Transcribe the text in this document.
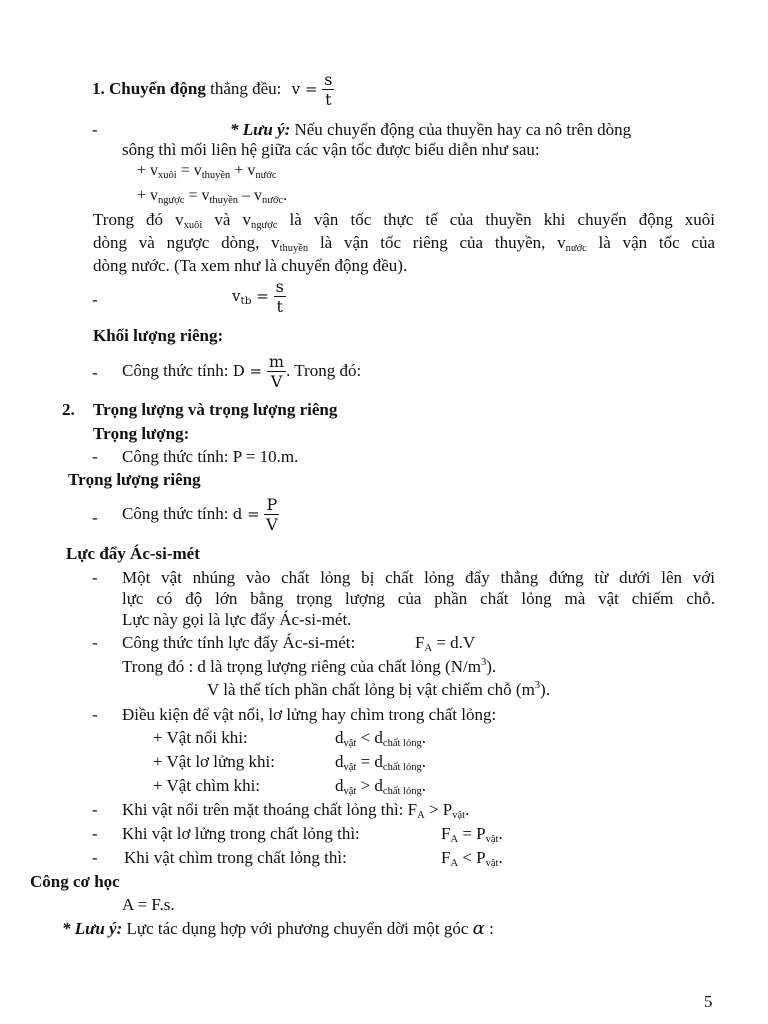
1. Chuyển động thẳng đều: $v = \frac{s}{t}$
-	* Lưu ý: Nếu chuyển động của thuyền hay ca nô trên dòng
sông thì mối liên hệ giữa các vận tốc được biểu diễn như sau:
+ $v_{xuôi} = v_{thuyền} + v_{nước}$
+ $v_{ngược} = v_{thuyền} - v_{nước}$.
Trong đó $v_{xuôi}$ và $v_{ngược}$ là vận tốc thực tế của thuyền khi chuyển động xuôi
dòng và ngược dòng, $v_{thuyền}$ là vận tốc riêng của thuyền, $v_{nước}$ là vận tốc của
dòng nước. (Ta xem như là chuyển động đều).
-	$v_{tb} = \frac{s}{t}$
Khối lượng riêng:
- Công thức tính: $D = \frac{m}{V}$ . Trong đó:
2. Trọng lượng và trọng lượng riêng
Trọng lượng:
- Công thức tính: P = 10.m.
Trọng lượng riêng
- Công thức tính: $d = \frac{P}{V}$
Lực đẩy Ác-si-mét
- Một vật nhúng vào chất lỏng bị chất lỏng đẩy thẳng đứng từ dưới lên với
lực có độ lớn bằng trọng lượng của phần chất lỏng mà vật chiếm chỗ.
Lực này gọi là lực đẩy Ác-si-mét.
- Công thức tính lực đẩy Ác-si-mét:	$F_A = d.V$
Trong đó : d là trọng lượng riêng của chất lỏng $(N/m^3)$.
V là thể tích phần chất lỏng bị vật chiếm chỗ $(m^3)$.
- Điều kiện để vật nổi, lơ lửng hay chìm trong chất lỏng:
+ Vật nổi khi:	$d_{vật} < d_{chất lỏng}$.
+ Vật lơ lửng khi:	$d_{vật} = d_{chất lỏng}$.
+ Vật chìm khi:	$d_{vật} > d_{chất lỏng}$.
- Khi vật nổi trên mặt thoáng chất lỏng thì: $F_A > P_{vật}$.
- Khi vật lơ lửng trong chất lỏng thì:	$F_A = P_{vật}$.
- Khi vật chìm trong chất lỏng thì:	$F_A < P_{vật}$.
Công cơ học
A = F.s.
* Lưu ý: Lực tác dụng hợp với phương chuyển dời một góc α :
5
